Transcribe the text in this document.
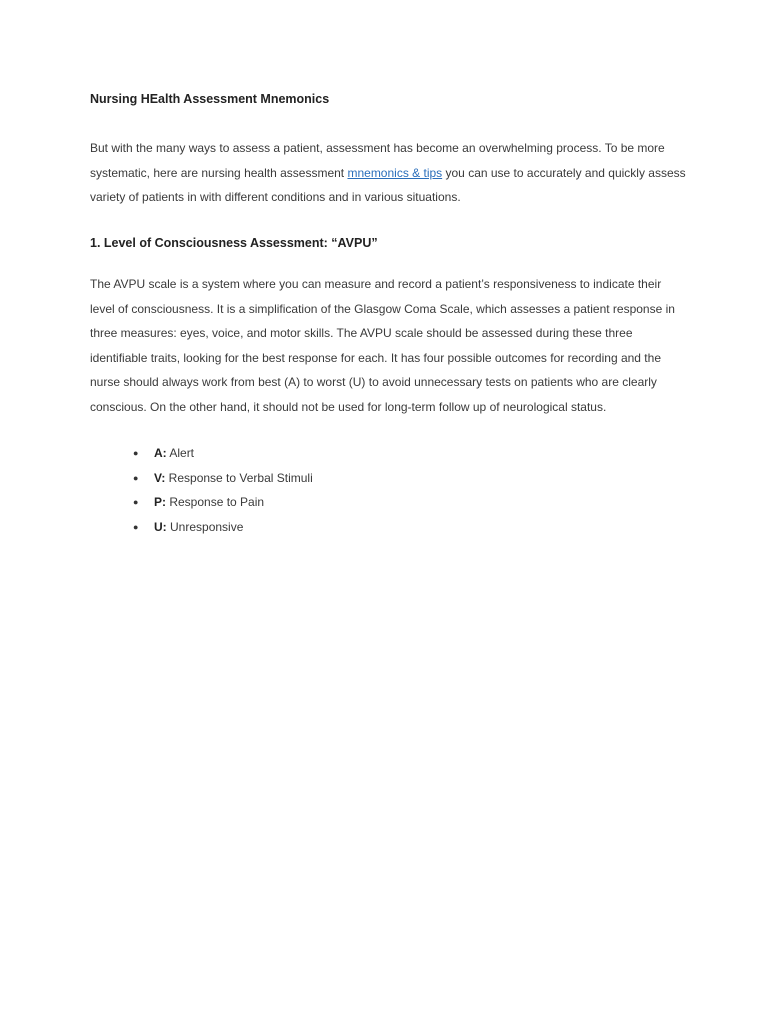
Nursing HEalth Assessment Mnemonics

But with the many ways to assess a patient, assessment has become an overwhelming process. To be more systematic, here are nursing health assessment mnemonics & tips you can use to accurately and quickly assess variety of patients in with different conditions and in various situations.

1. Level of Consciousness Assessment: “AVPU”

The AVPU scale is a system where you can measure and record a patient’s responsiveness to indicate their level of consciousness. It is a simplification of the Glasgow Coma Scale, which assesses a patient response in three measures: eyes, voice, and motor skills. The AVPU scale should be assessed during these three identifiable traits, looking for the best response for each. It has four possible outcomes for recording and the nurse should always work from best (A) to worst (U) to avoid unnecessary tests on patients who are clearly conscious. On the other hand, it should not be used for long-term follow up of neurological status.

● A: Alert
● V: Response to Verbal Stimuli
● P: Response to Pain
● U: Unresponsive
